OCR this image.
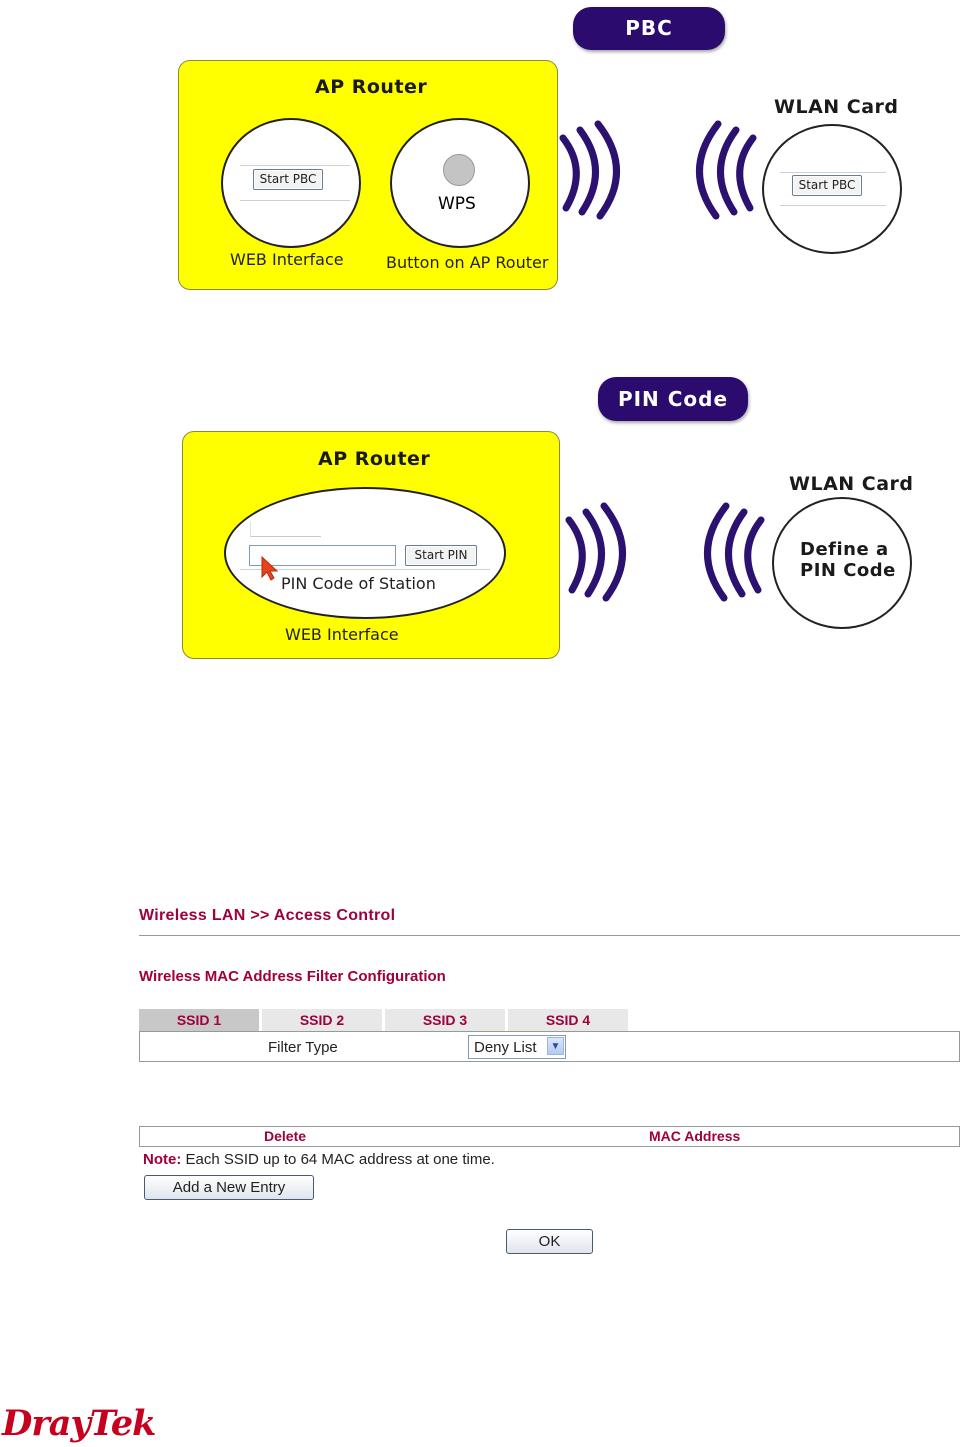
PBC
AP Router
Start PBC
WEB Interface
WPS
Button on AP Router
WLAN Card
Start PBC
PIN Code
AP Router
Start PIN
PIN Code of Station
WEB Interface
WLAN Card
Define a
PIN Code
Wireless LAN >> Access Control
Wireless MAC Address Filter Configuration
SSID 1	SSID 2	SSID 3	SSID 4
Filter Type	Deny List	▼
Delete	MAC Address
Note: Each SSID up to 64 MAC address at one time.
Add a New Entry
OK
DrayTek
